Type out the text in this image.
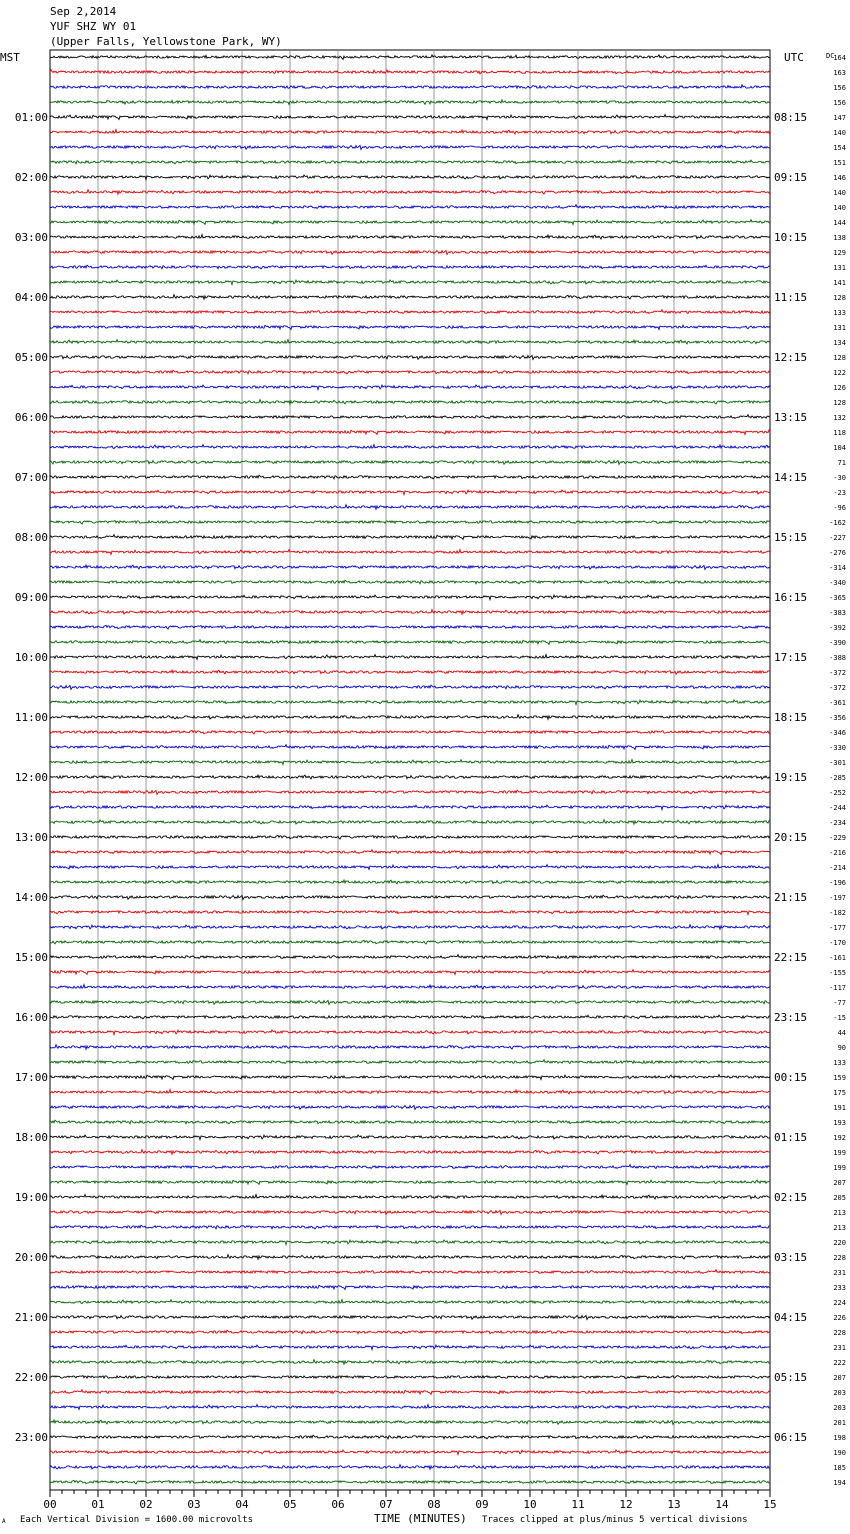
Sep 2,2014
YUF SHZ WY 01
(Upper Falls, Yellowstone Park, WY)
MST	UTC	DC
01:00
02:00
03:00
04:00
05:00
06:00
07:00
08:00
09:00
10:00
11:00
12:00
13:00
14:00
15:00
16:00
17:00
18:00
19:00
20:00
21:00
22:00
23:00
08:15
09:15
10:15
11:15
12:15
13:15
14:15
15:15
16:15
17:15
18:15
19:15
20:15
21:15
22:15
23:15
00:15
01:15
02:15
03:15
04:15
05:15
06:15
164
163
156
156
147
140
154
151
146
140
140
144
138
129
131
141
128
133
131
134
128
122
126
128
132
118
104
71
-30
-23
-96
-162
-227
-276
-314
-340
-365
-383
-392
-390
-388
-372
-372
-361
-356
-346
-330
-301
-285
-252
-244
-234
-229
-216
-214
-196
-197
-182
-177
-170
-161
-155
-117
-77
-15
44
90
133
159
175
191
193
192
199
199
207
205
213
213
220
228
231
233
224
226
228
231
222
207
203
203
201
198
190
185
194
00	01	02	03	04	05	06	07	08	09	10	11	12	13	14	15
TIME (MINUTES)
Each Vertical Division = 1600.00 microvolts	Traces clipped at plus/minus 5 vertical divisions
A
